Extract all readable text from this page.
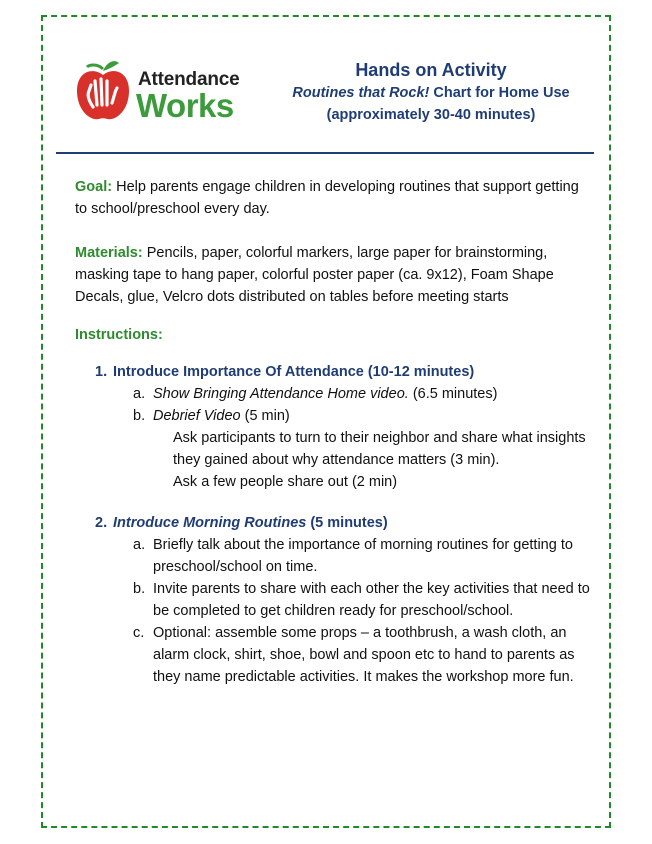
Attendance
Works
Hands on Activity
Routines that Rock! Chart for Home Use
(approximately 30-40 minutes)

Goal: Help parents engage children in developing routines that support getting to school/preschool every day.

Materials: Pencils, paper, colorful markers, large paper for brainstorming, masking tape to hang paper, colorful poster paper (ca. 9x12), Foam Shape Decals, glue, Velcro dots distributed on tables before meeting starts

Instructions:

1. Introduce Importance Of Attendance (10-12 minutes)
a. Show Bringing Attendance Home video. (6.5 minutes)
b. Debrief Video (5 min)

Ask participants to turn to their neighbor and share what insights they gained about why attendance matters (3 min).

Ask a few people share out (2 min)

2. Introduce Morning Routines (5 minutes)
a. Briefly talk about the importance of morning routines for getting to preschool/school on time.
b. Invite parents to share with each other the key activities that need to be completed to get children ready for preschool/school.
c. Optional: assemble some props – a toothbrush, a wash cloth, an alarm clock, shirt, shoe, bowl and spoon etc to hand to parents as they name predictable activities. It makes the workshop more fun.
